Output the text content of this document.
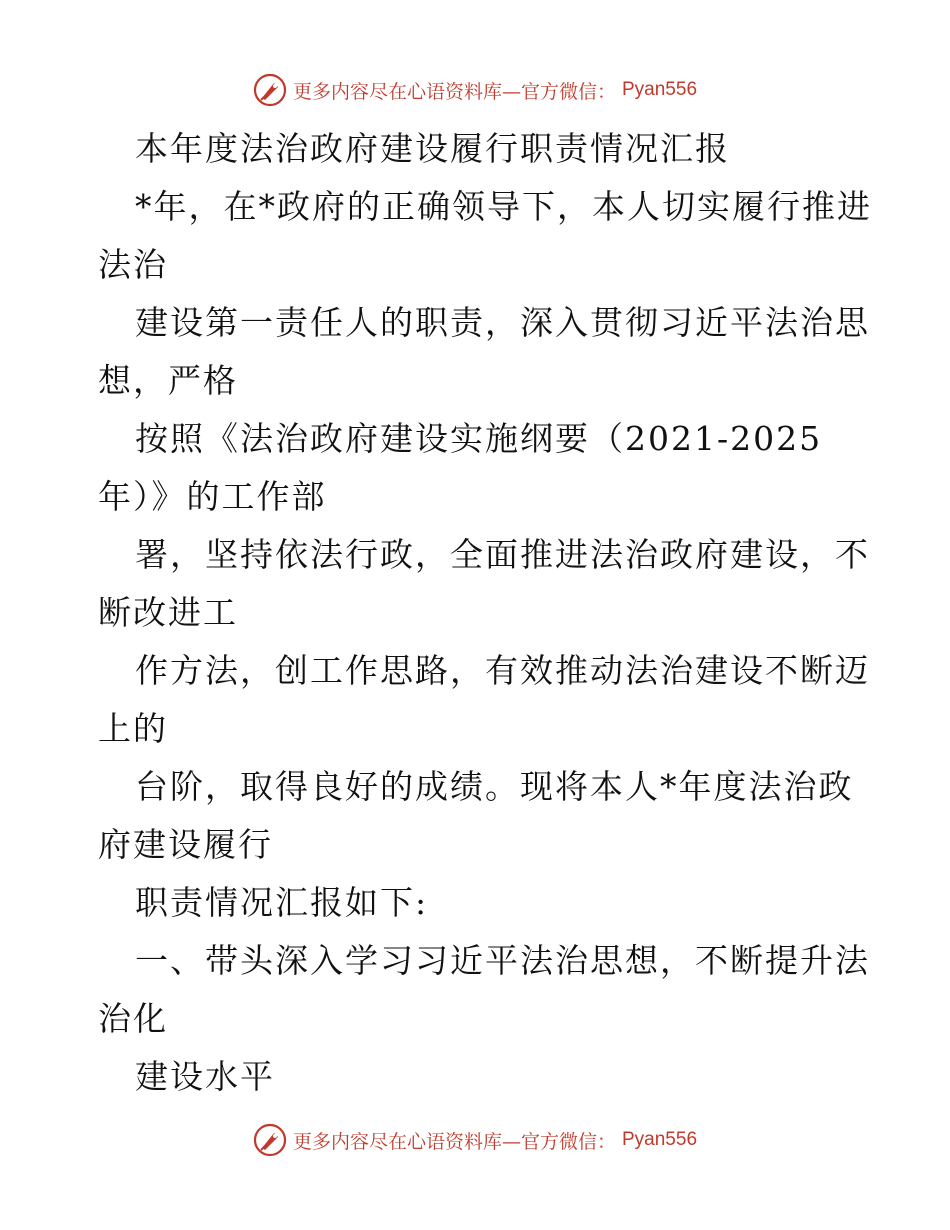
更多内容尽在心语资料库—官方微信： Pyan556
本年度法治政府建设履行职责情况汇报
*年，在*政府的正确领导下，本人切实履行推进
法治
建设第一责任人的职责，深入贯彻习近平法治思
想，严格
按照《法治政府建设实施纲要（2021-2025
年）》的工作部
署，坚持依法行政，全面推进法治政府建设，不
断改进工
作方法，创工作思路，有效推动法治建设不断迈
上的
台阶，取得良好的成绩。现将本人*年度法治政
府建设履行
职责情况汇报如下:
一、带头深入学习习近平法治思想，不断提升法
治化
建设水平
更多内容尽在心语资料库—官方微信： Pyan556
